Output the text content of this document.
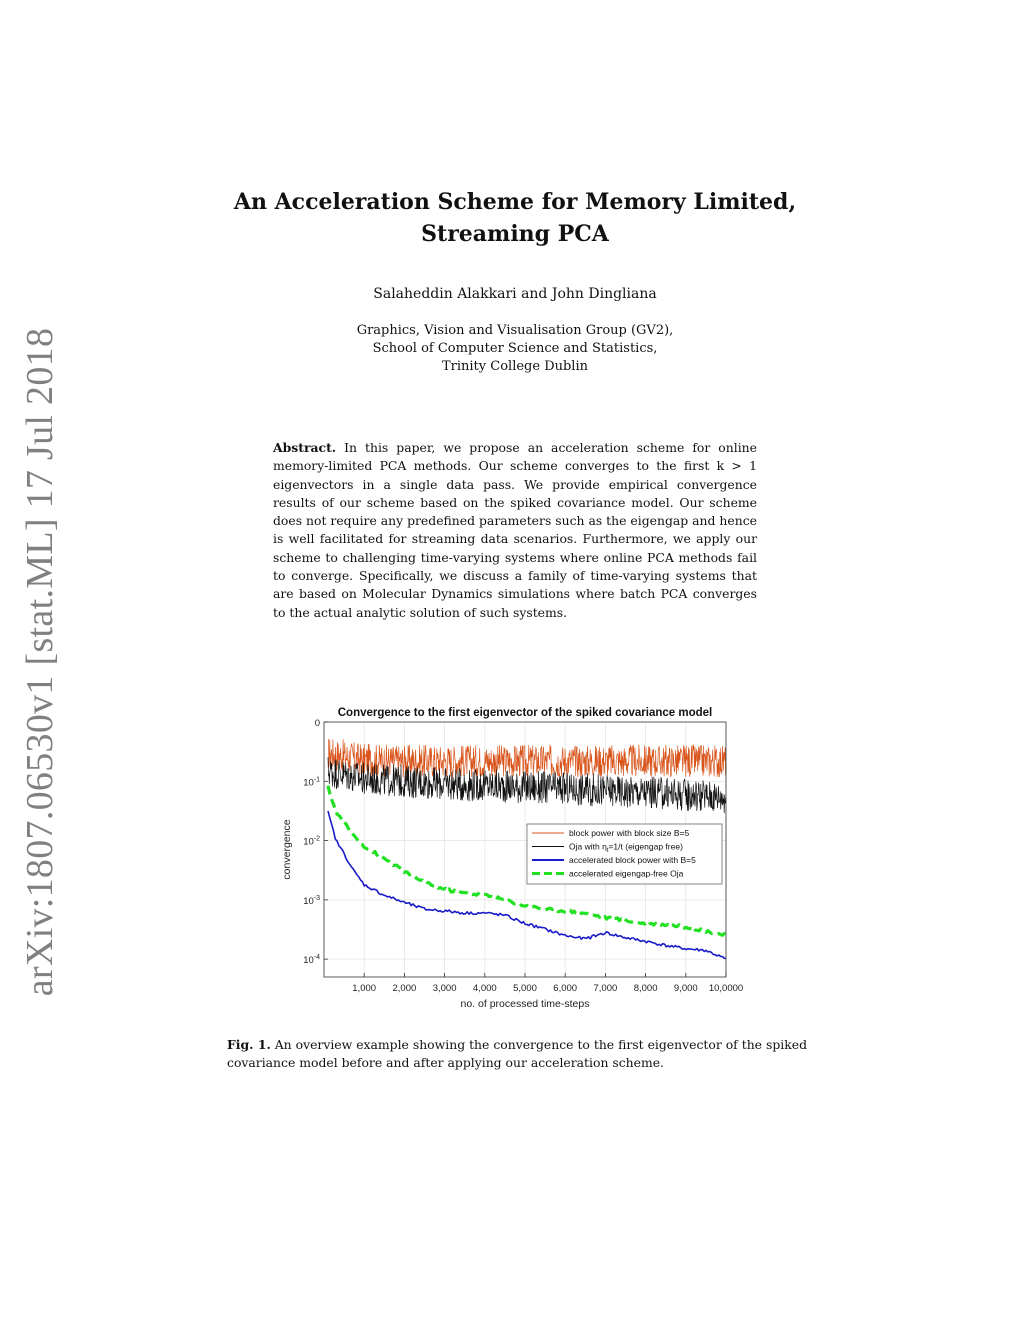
arXiv:1807.06530v1 [stat.ML] 17 Jul 2018
An Acceleration Scheme for Memory Limited,
Streaming PCA
Salaheddin Alakkari and John Dingliana
Graphics, Vision and Visualisation Group (GV2),
School of Computer Science and Statistics,
Trinity College Dublin
Abstract. In this paper, we propose an acceleration scheme for online memory-limited PCA methods. Our scheme converges to the first k > 1 eigenvectors in a single data pass. We provide empirical convergence results of our scheme based on the spiked covariance model. Our scheme does not require any predefined parameters such as the eigengap and hence is well facilitated for streaming data scenarios. Furthermore, we apply our scheme to challenging time-varying systems where online PCA methods fail to converge. Specifically, we discuss a family of time-varying systems that are based on Molecular Dynamics simulations where batch PCA converges to the actual analytic solution of such systems.
Convergence to the first eigenvector of the spiked covariance model
1,000 2,000 3,000 4,000 5,000 6,000 7,000 8,000 9,000 10,0000
0
$10^{-1}$
$10^{-2}$
$10^{-3}$
$10^{-4}$
no. of processed time-steps
convergence	block power with block size B=5
Oja with $\eta_t=1/t$ (eigengap free)
accelerated block power with B=5
accelerated eigengap-free Oja
Fig. 1. An overview example showing the convergence to the first eigenvector of the spiked covariance model before and after applying our acceleration scheme.
